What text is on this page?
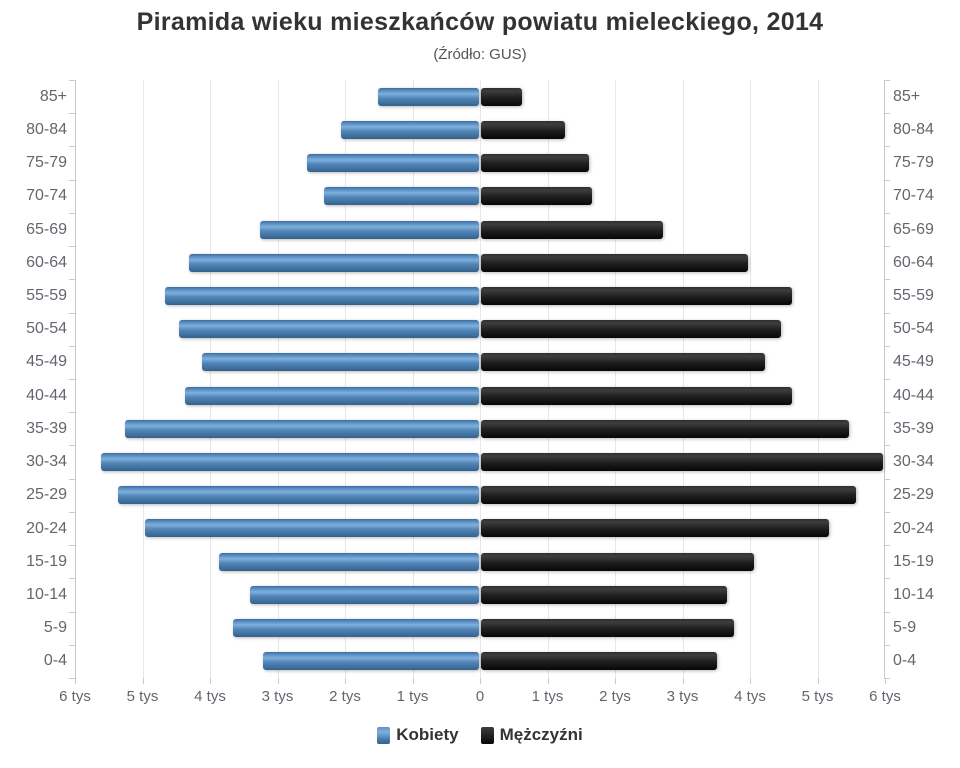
Piramida wieku mieszkańców powiatu mieleckiego, 2014
(Źródło: GUS)
Kobiety Mężczyźni
85+	85+
80-84	80-84
75-79	75-79
70-74	70-74
65-69	65-69
60-64	60-64
55-59	55-59
50-54	50-54
45-49	45-49
40-44	40-44
35-39	35-39
30-34	30-34
25-29	25-29
20-24	20-24
15-19	15-19
10-14	10-14
5-9	5-9
0-4	0-4
6 tys	5 tys	4 tys	3 tys	2 tys	1 tys	0	1 tys	2 tys	3 tys	4 tys	5 tys	6 tys
